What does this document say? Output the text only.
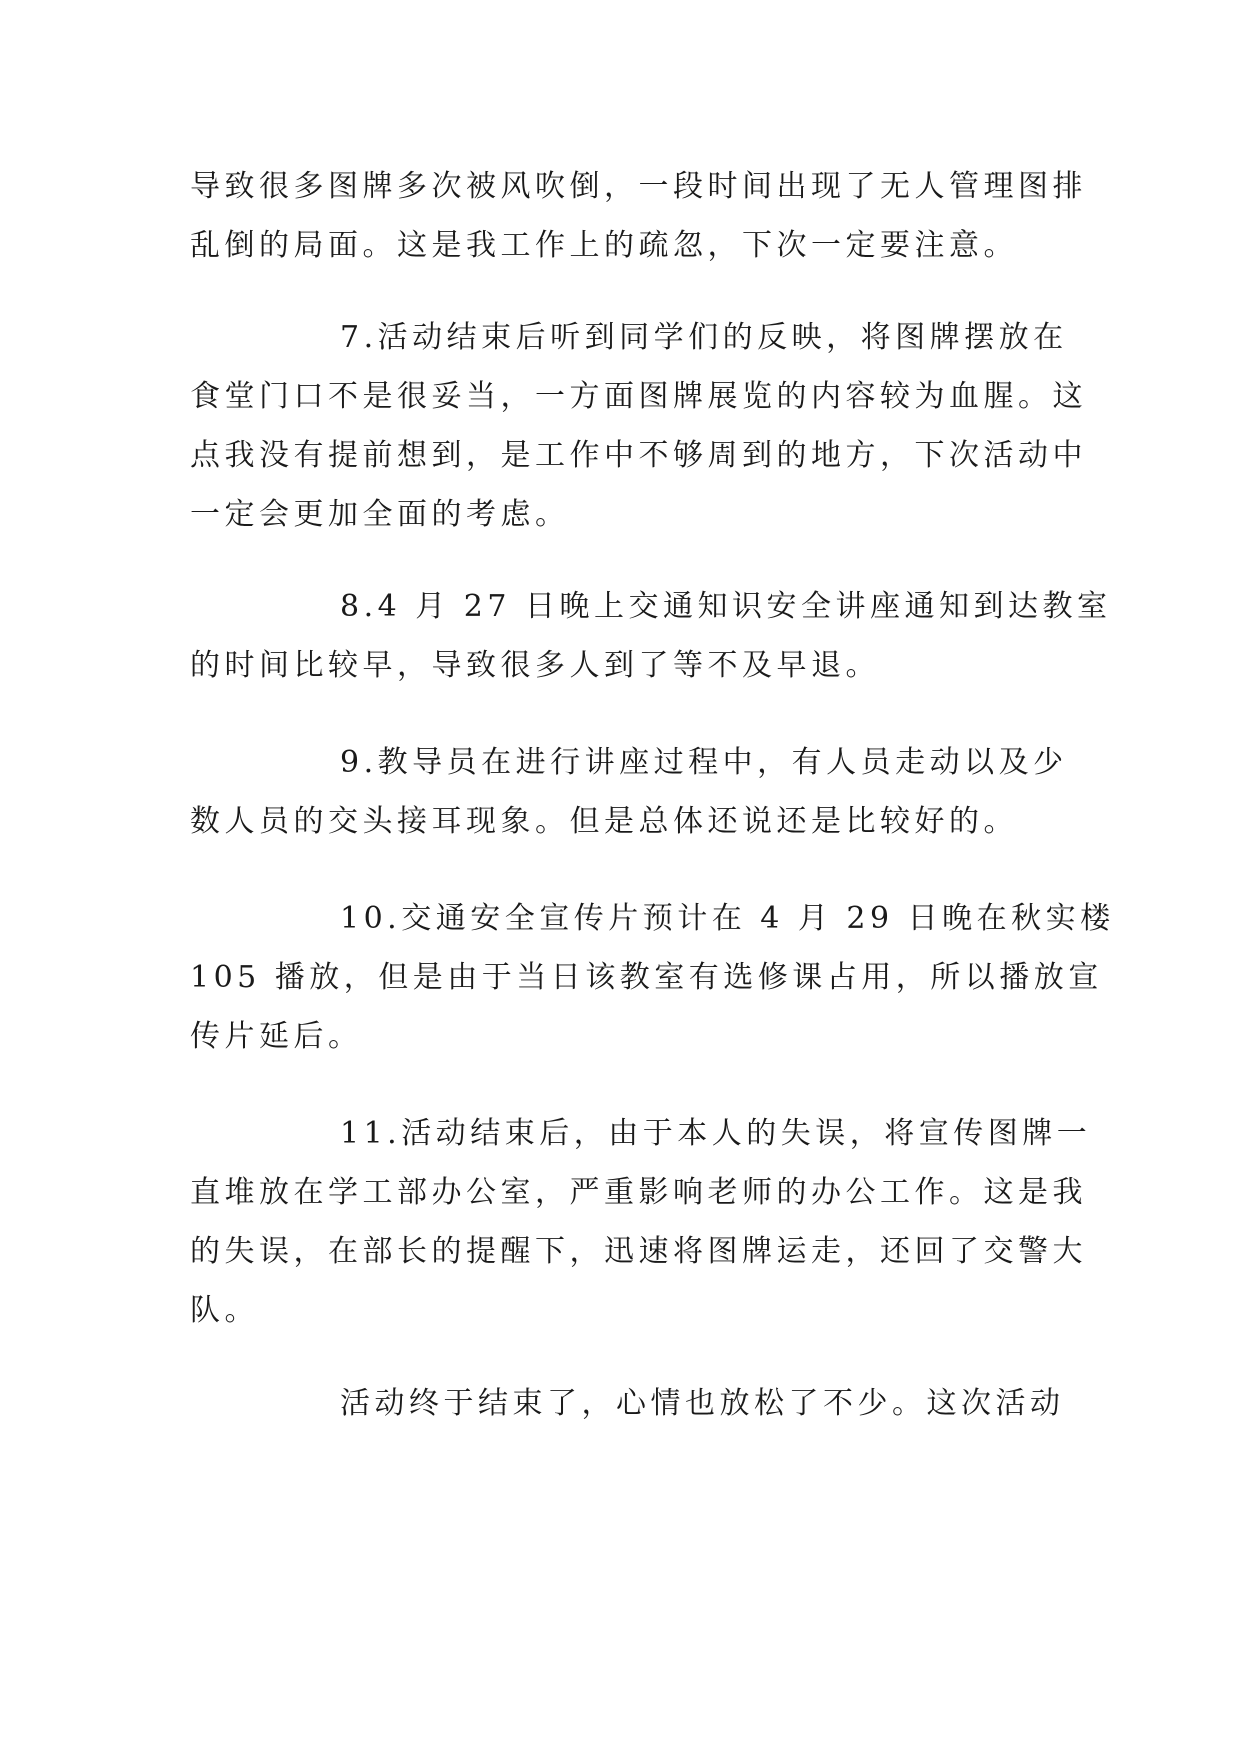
导致很多图牌多次被风吹倒，一段时间出现了无人管理图排
乱倒的局面。这是我工作上的疏忽，下次一定要注意。
7.活动结束后听到同学们的反映，将图牌摆放在
食堂门口不是很妥当，一方面图牌展览的内容较为血腥。这
点我没有提前想到，是工作中不够周到的地方，下次活动中
一定会更加全面的考虑。
8.4 月 27 日晚上交通知识安全讲座通知到达教室
的时间比较早，导致很多人到了等不及早退。
9.教导员在进行讲座过程中，有人员走动以及少
数人员的交头接耳现象。但是总体还说还是比较好的。
10.交通安全宣传片预计在 4 月 29 日晚在秋实楼
105 播放，但是由于当日该教室有选修课占用，所以播放宣
传片延后。
11.活动结束后，由于本人的失误，将宣传图牌一
直堆放在学工部办公室，严重影响老师的办公工作。这是我
的失误，在部长的提醒下，迅速将图牌运走，还回了交警大
队。
活动终于结束了，心情也放松了不少。这次活动
